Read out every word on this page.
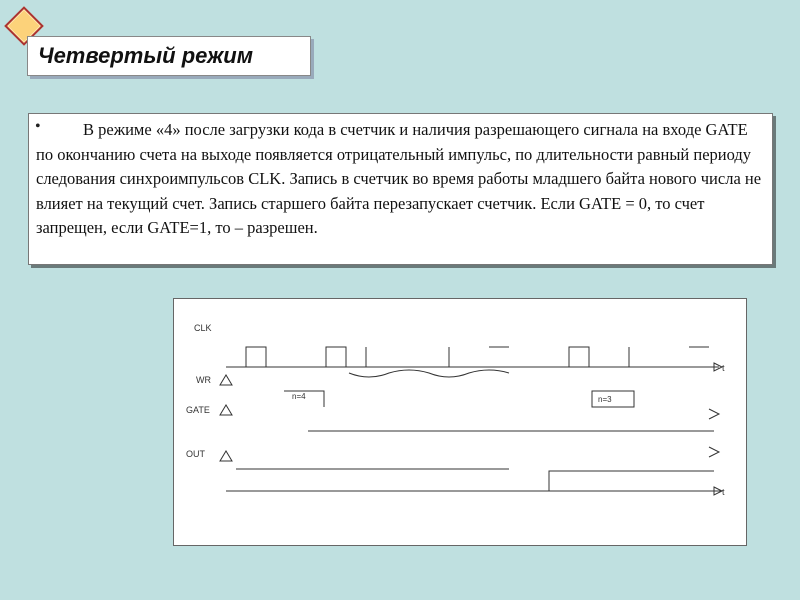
Четвертый режим
•	В режиме «4» после загрузки кода в счетчик и наличия разрешающего сигнала на входе GATE по окончанию счета на выходе появляется отрицательный импульс, по длительности равный периоду следования синхроимпульсов CLK. Запись в счетчик во время работы младшего байта нового числа не влияет на текущий счет. Запись старшего байта перезапускает счетчик. Если GATE = 0, то счет запрещен, если GATE=1, то – разрешен.
CLK
WR
GATE
OUT
n=4	n=3
t
t
